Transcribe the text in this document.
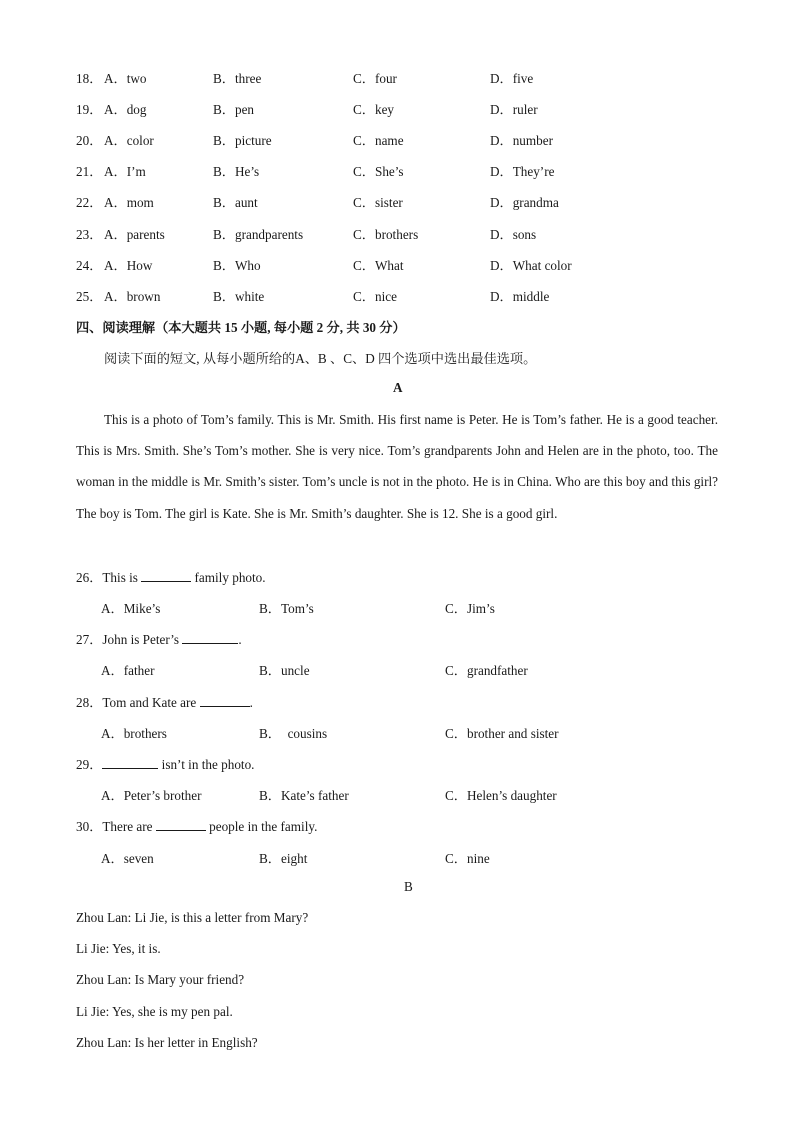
18． A．two	B．three	C．four	D．five
19． A．dog	B．pen	C．key	D．ruler
20． A．color	B．picture	C．name	D．number
21． A．I’m	B．He’s	C．She’s	D．They’re
22． A．mom	B．aunt	C．sister	D．grandma
23． A．parents	B．grandparents	C．brothers	D．sons
24． A．How	B．Who	C．What	D．What color
25． A．brown	B．white	C．nice	D．middle
四、阅读理解（本大题共 15 小题, 每小题 2 分, 共 30 分）
阅读下面的短文, 从每小题所给的A、B 、C、D 四个选项中选出最佳选项。
A
This is a photo of Tom’s family. This is Mr. Smith. His first name is Peter. He is Tom’s father. He is a good teacher. This is Mrs. Smith. She’s Tom’s mother. She is very nice. Tom’s grandparents John and Helen are in the photo, too. The woman in the middle is Mr. Smith’s sister. Tom’s uncle is not in the photo. He is in China. Who are this boy and this girl? The boy is Tom. The girl is Kate. She is Mr. Smith’s daughter. She is 12. She is a good girl.
26．This is	family photo.
A．Mike’s	B．Tom’s	C．Jim’s
27．John is Peter’s	.
A．father	B．uncle	C．grandfather
28．Tom and Kate are	.
A．brothers	B．  cousins	C．brother and sister
29．	isn’t in the photo.
A．Peter’s brother	B．Kate’s father	C．Helen’s daughter
30．There are	people in the family.
A．seven	B．eight	C．nine
B
Zhou Lan: Li Jie, is this a letter from Mary?
Li Jie: Yes, it is.
Zhou Lan: Is Mary your friend?
Li Jie: Yes, she is my pen pal.
Zhou Lan: Is her letter in English?
